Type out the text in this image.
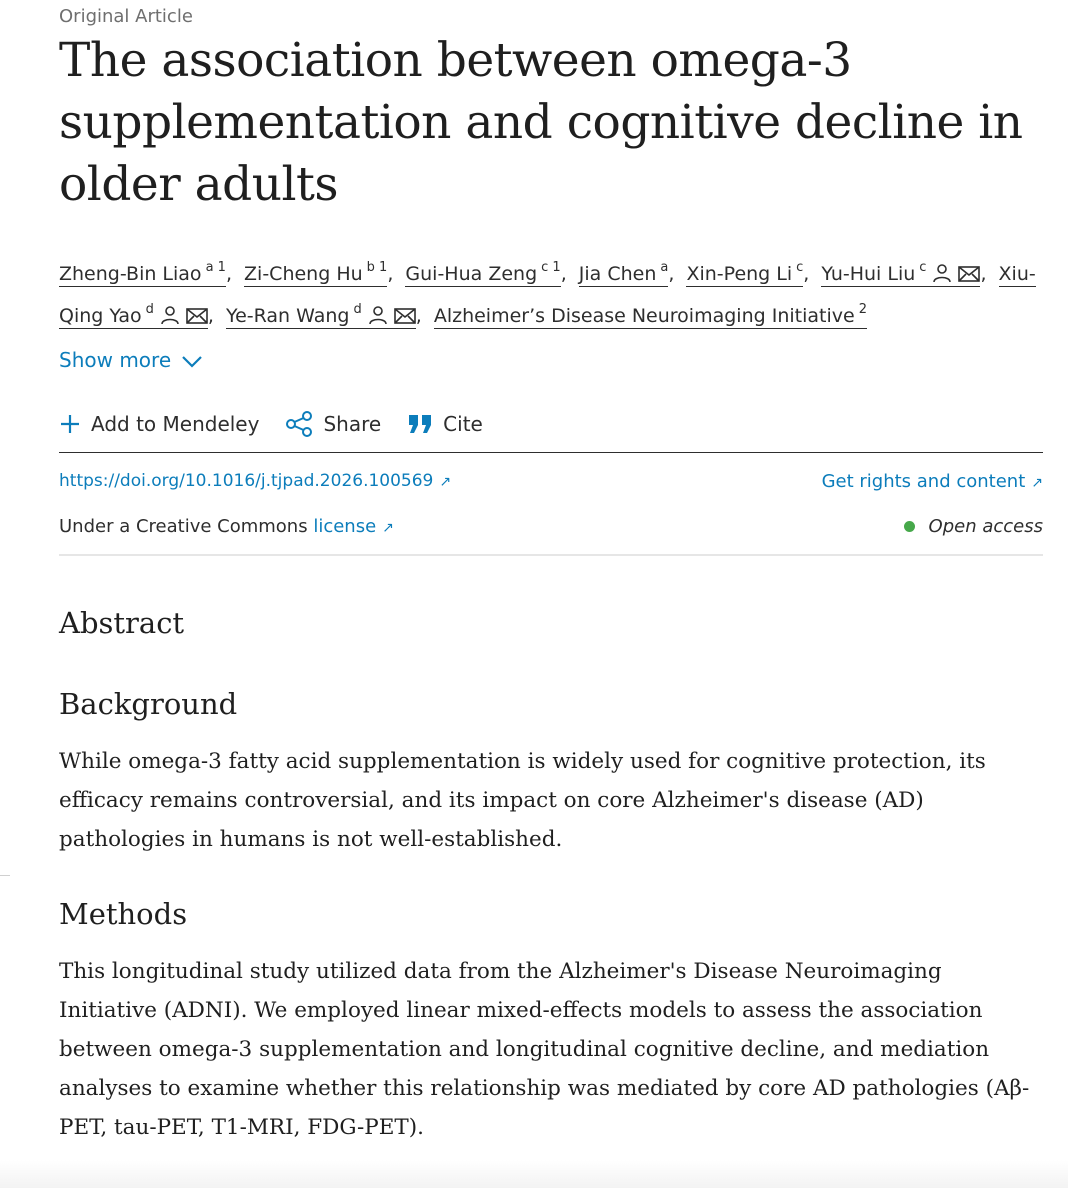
Original Article
The association between omega-3 supplementation and cognitive decline in older adults
Zheng-Bin Liao $^{a 1}$, Zi-Cheng Hu $^{b 1}$, Gui-Hua Zeng $^{c 1}$, Jia Chen $^a$, Xin-Peng Li $^c$, Yu-Hui Liu $^c$	, Xiu-Qing Yao $^d$	, Ye-Ran Wang $^d$	, Alzheimer’s Disease Neuroimaging Initiative $^2$
Show more
Add to Mendeley	Share	Cite
https://doi.org/10.1016/j.tjpad.2026.100569 ↗	Get rights and content ↗
Under a Creative Commons license ↗	Open access
Abstract
Background

While omega-3 fatty acid supplementation is widely used for cognitive protection, its efficacy remains controversial, and its impact on core Alzheimer's disease (AD) pathologies in humans is not well-established.

Methods

This longitudinal study utilized data from the Alzheimer's Disease Neuroimaging Initiative (ADNI). We employed linear mixed-effects models to assess the association between omega-3 supplementation and longitudinal cognitive decline, and mediation analyses to examine whether this relationship was mediated by core AD pathologies (Aβ-PET, tau-PET, T1-MRI, FDG-PET).
